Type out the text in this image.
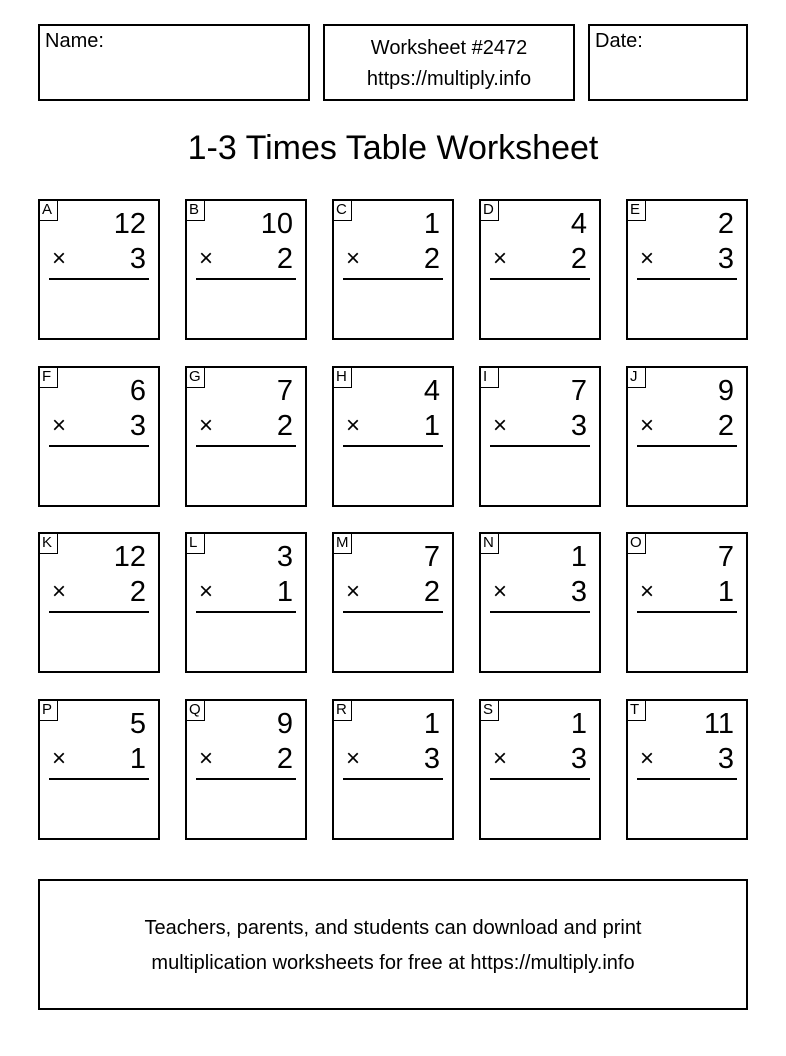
Name:	Worksheet #2472
https://multiply.info
Date:
1-3 Times Table Worksheet
A 12
× 3
B 10
× 2
C	1
× 2
D	4
× 2
E	2
× 3
F	6
× 3
G	7
× 2
H	4
× 1
I	7
× 3
J	9
× 2
K 12
× 2
L	3
× 1
M	7
× 2
N	1
× 3
O	7
× 1
P	5
× 1
Q	9
× 2
R	1
× 3
S	1
× 3
T 11
× 3
Teachers, parents, and students can download and print
multiplication worksheets for free at https://multiply.info
